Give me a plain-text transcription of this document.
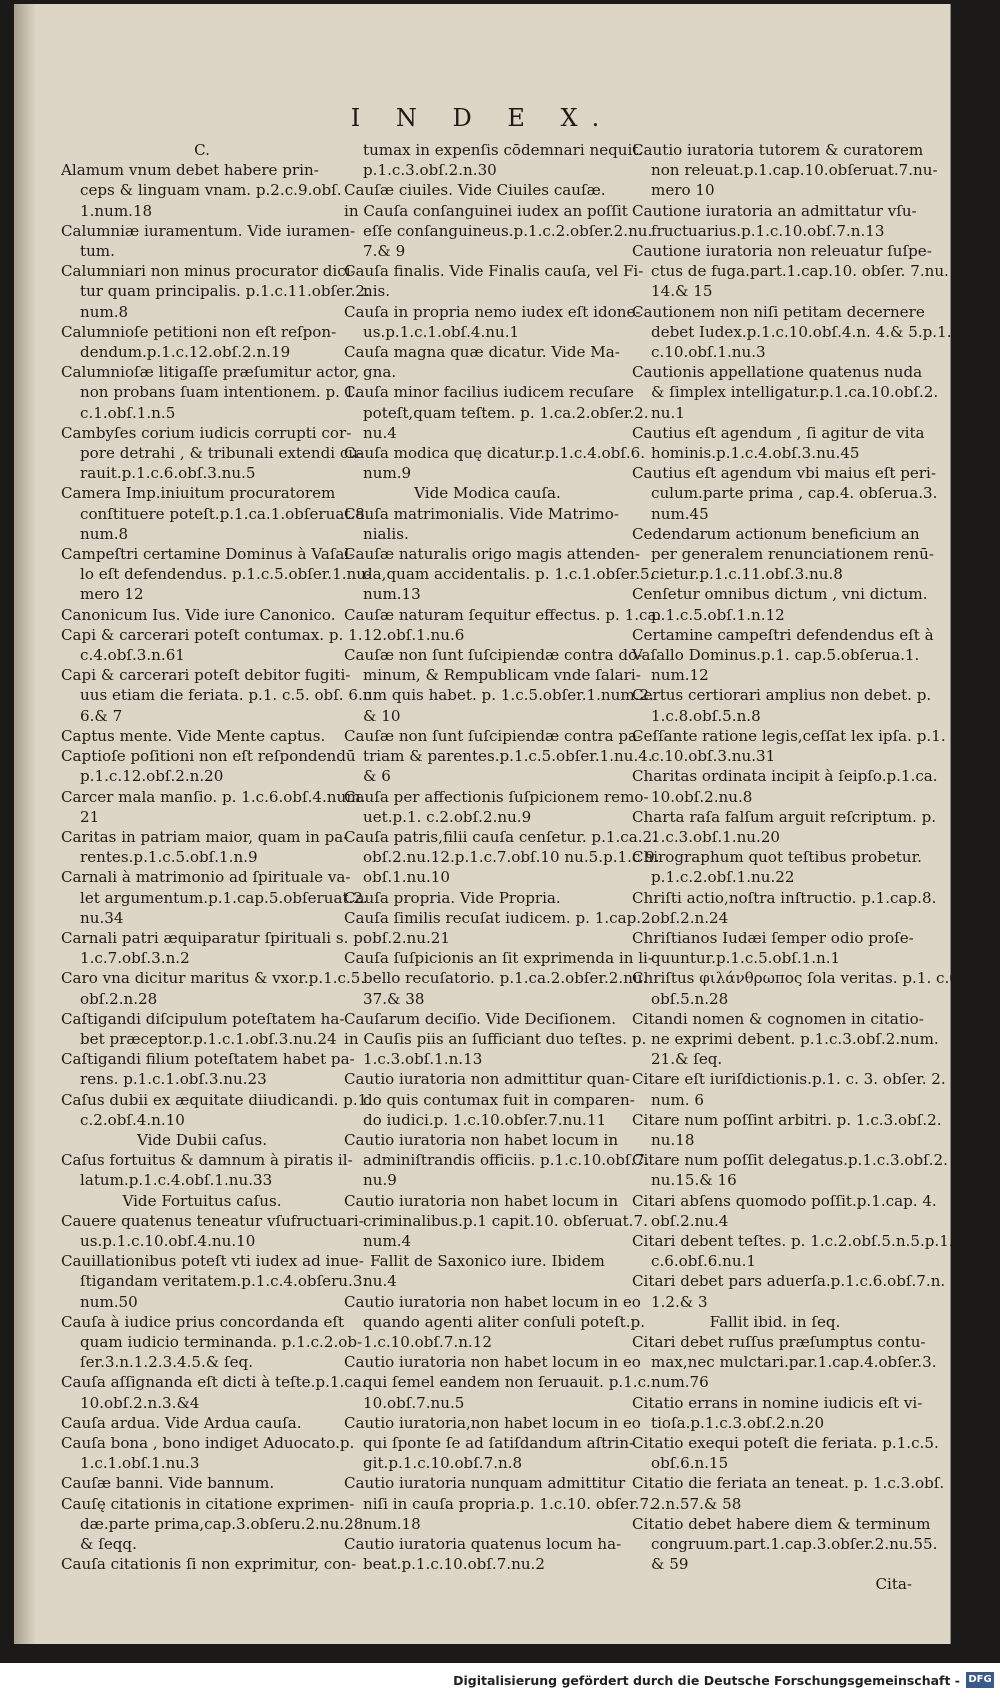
I N D E X.
C.
Alamum vnum debet habere prin-
ceps & linguam vnam. p.2.c.9.obſ.
1.num.18
Calumniæ iuramentum. Vide iuramen-
tum.
Calumniari non minus procurator dici-
tur quam principalis. p.1.c.11.obſer.2.
num.8
Calumnioſe petitioni non eſt reſpon-
dendum.p.1.c.12.obſ.2.n.19
Calumnioſæ litigaſſe præſumitur actor,
non probans ſuam intentionem. p. 1.
c.1.obſ.1.n.5
Cambyſes corium iudicis corrupti cor-
pore detrahi , & tribunali extendi cu-
rauit.p.1.c.6.obſ.3.nu.5
Camera Imp.iniuitum procuratorem
conſtituere poteſt.p.1.ca.1.obſeruat.8.
num.8
Campeſtri certamine Dominus à Vaſal-
lo eſt defendendus. p.1.c.5.obſer.1.nu-
mero 12
Canonicum Ius. Vide iure Canonico.
Capi & carcerari poteſt contumax. p. 1.
c.4.obſ.3.n.61
Capi & carcerari poteſt debitor fugiti-
uus etiam die feriata. p.1. c.5. obſ. 6.n.
6.& 7
Captus mente. Vide Mente captus.
Captioſe poſitioni non eſt reſpondendū
p.1.c.12.obſ.2.n.20
Carcer mala manſio. p. 1.c.6.obſ.4.num.
21
Caritas in patriam maior, quam in pa-
rentes.p.1.c.5.obſ.1.n.9
Carnali à matrimonio ad ſpirituale va-
let argumentum.p.1.cap.5.obſeruat.2.
nu.34
Carnali patri æquiparatur ſpirituali s. p.
1.c.7.obſ.3.n.2
Caro vna dicitur maritus & vxor.p.1.c.5.
obſ.2.n.28
Caſtigandi diſcipulum poteſtatem ha-
bet præceptor.p.1.c.1.obſ.3.nu.24
Caſtigandi filium poteſtatem habet pa-
rens. p.1.c.1.obſ.3.nu.23
Caſus dubii ex æquitate diiudicandi. p.1.
c.2.obſ.4.n.10
Vide Dubii caſus.
Caſus fortuitus & damnum à piratis il-
latum.p.1.c.4.obſ.1.nu.33
Vide Fortuitus caſus.
Cauere quatenus teneatur vſufructuari-
us.p.1.c.10.obſ.4.nu.10
Cauillationibus poteſt vti iudex ad inue-
ſtigandam veritatem.p.1.c.4.obſeru.3.
num.50
Cauſa à iudice prius concordanda eſt
quam iudicio terminanda. p.1.c.2.ob-
ſer.3.n.1.2.3.4.5.& ſeq.
Cauſa aſſignanda eſt dicti à teſte.p.1.ca.
10.obſ.2.n.3.&4
Cauſa ardua. Vide Ardua cauſa.
Cauſa bona , bono indiget Aduocato.p.
1.c.1.obſ.1.nu.3
Cauſæ banni. Vide bannum.
Cauſę citationis in citatione exprimen-
dæ.parte prima,cap.3.obſeru.2.nu.28.
& ſeqq.
Cauſa citationis ſi non exprimitur, con-
tumax in expenſis cōdemnari nequit.
p.1.c.3.obſ.2.n.30
Cauſæ ciuiles. Vide Ciuiles cauſæ.
in Cauſa conſanguinei iudex an poſſit
eſſe conſanguineus.p.1.c.2.obſer.2.nu.
7.& 9
Cauſa finalis. Vide Finalis cauſa, vel Fi-
nis.
Cauſa in propria nemo iudex eſt idone-
us.p.1.c.1.obſ.4.nu.1
Cauſa magna quæ dicatur. Vide Ma-
gna.
Cauſa minor facilius iudicem recuſare
poteſt,quam teſtem. p. 1.ca.2.obſer.2.
nu.4
Cauſa modica quę dicatur.p.1.c.4.obſ.6.
num.9
Vide Modica cauſa.
Cauſa matrimonialis. Vide Matrimo-
nialis.
Cauſæ naturalis origo magis attenden-
da,quam accidentalis. p. 1.c.1.obſer.5.
num.13
Cauſæ naturam ſequitur effectus. p. 1.ca.
12.obſ.1.nu.6
Cauſæ non ſunt ſuſcipiendæ contra do-
minum, & Rempublicam vnde ſalari-
um quis habet. p. 1.c.5.obſer.1.num.2.
& 10
Cauſæ non ſunt ſuſcipiendæ contra pa-
triam & parentes.p.1.c.5.obſer.1.nu.4.
& 6
Cauſa per affectionis ſuſpicionem remo-
uet.p.1. c.2.obſ.2.nu.9
Cauſa patris,filii cauſa cenſetur. p.1.ca.2.
obſ.2.nu.12.p.1.c.7.obſ.10 nu.5.p.1.c 9.
obſ.1.nu.10
Cauſa propria. Vide Propria.
Cauſa ſimilis recuſat iudicem. p. 1.cap.2.
obſ.2.nu.21
Cauſa ſuſpicionis an ſit exprimenda in li-
bello recuſatorio. p.1.ca.2.obſer.2.nu.
37.& 38
Cauſarum deciſio. Vide Deciſionem.
in Cauſis piis an ſufficiant duo teſtes. p.
1.c.3.obſ.1.n.13
Cautio iuratoria non admittitur quan-
do quis contumax fuit in comparen-
do iudici.p. 1.c.10.obſer.7.nu.11
Cautio iuratoria non habet locum in
adminiſtrandis officiis. p.1.c.10.obſ.7.
nu.9
Cautio iuratoria non habet locum in
criminalibus.p.1 capit.10. obſeruat.7.
num.4
Fallit de Saxonico iure. Ibidem
nu.4
Cautio iuratoria non habet locum in eo
quando agenti aliter conſuli poteſt.p.
1.c.10.obſ.7.n.12
Cautio iuratoria non habet locum in eo
qui ſemel eandem non ſeruauit. p.1.c.
10.obſ.7.nu.5
Cautio iuratoria,non habet locum in eo
qui ſponte ſe ad ſatiſdandum aſtrin-
git.p.1.c.10.obſ.7.n.8
Cautio iuratoria nunquam admittitur
niſi in cauſa propria.p. 1.c.10. obſer.7.
num.18
Cautio iuratoria quatenus locum ha-
beat.p.1.c.10.obſ.7.nu.2
Cautio iuratoria tutorem & curatorem
non releuat.p.1.cap.10.obſeruat.7.nu-
mero 10
Cautione iuratoria an admittatur vſu-
fructuarius.p.1.c.10.obſ.7.n.13
Cautione iuratoria non releuatur ſuſpe-
ctus de fuga.part.1.cap.10. obſer. 7.nu.
14.& 15
Cautionem non niſi petitam decernere
debet Iudex.p.1.c.10.obſ.4.n. 4.& 5.p.1.
c.10.obſ.1.nu.3
Cautionis appellatione quatenus nuda
& ſimplex intelligatur.p.1.ca.10.obſ.2.
nu.1
Cautius eſt agendum , ſi agitur de vita
hominis.p.1.c.4.obſ.3.nu.45
Cautius eſt agendum vbi maius eſt peri-
culum.parte prima , cap.4. obſerua.3.
num.45
Cedendarum actionum beneficium an
per generalem renunciationem renū-
cietur.p.1.c.11.obſ.3.nu.8
Cenſetur omnibus dictum , vni dictum.
p.1.c.5.obſ.1.n.12
Certamine campeſtri defendendus eſt à
Vaſallo Dominus.p.1. cap.5.obſerua.1.
num.12
Certus certiorari amplius non debet. p.
1.c.8.obſ.5.n.8
Ceſſante ratione legis,ceſſat lex ipſa. p.1.
c.10.obſ.3.nu.31
Charitas ordinata incipit à ſeipſo.p.1.ca.
10.obſ.2.nu.8
Charta raſa falſum arguit reſcriptum. p.
1.c.3.obſ.1.nu.20
Chirographum quot teſtibus probetur.
p.1.c.2.obſ.1.nu.22
Chriſti actio,noſtra inſtructio. p.1.cap.8.
obſ.2.n.24
Chriſtianos Iudæi ſemper odio proſe-
quuntur.p.1.c.5.obſ.1.n.1
Chriſtus φιλάνθρωπος ſola veritas. p.1. c.6.
obſ.5.n.28
Citandi nomen & cognomen in citatio-
ne exprimi debent. p.1.c.3.obſ.2.num.
21.& ſeq.
Citare eſt iuriſdictionis.p.1. c. 3. obſer. 2.
num. 6
Citare num poſſint arbitri. p. 1.c.3.obſ.2.
nu.18
Citare num poſſit delegatus.p.1.c.3.obſ.2.
nu.15.& 16
Citari abſens quomodo poſſit.p.1.cap. 4.
obſ.2.nu.4
Citari debent teſtes. p. 1.c.2.obſ.5.n.5.p.1.
c.6.obſ.6.nu.1
Citari debet pars aduerſa.p.1.c.6.obſ.7.n.
1.2.& 3
Fallit ibid. in ſeq.
Citari debet ruſſus præſumptus contu-
max,nec mulctari.par.1.cap.4.obſer.3.
num.76
Citatio errans in nomine iudicis eſt vi-
tioſa.p.1.c.3.obſ.2.n.20
Citatio exequi poteſt die feriata. p.1.c.5.
obſ.6.n.15
Citatio die feriata an teneat. p. 1.c.3.obſ.
2.n.57.& 58
Citatio debet habere diem & terminum
congruum.part.1.cap.3.obſer.2.nu.55.
& 59
Cita-
Digitalisierung gefördert durch die Deutsche Forschungsgemeinschaft - DFG
